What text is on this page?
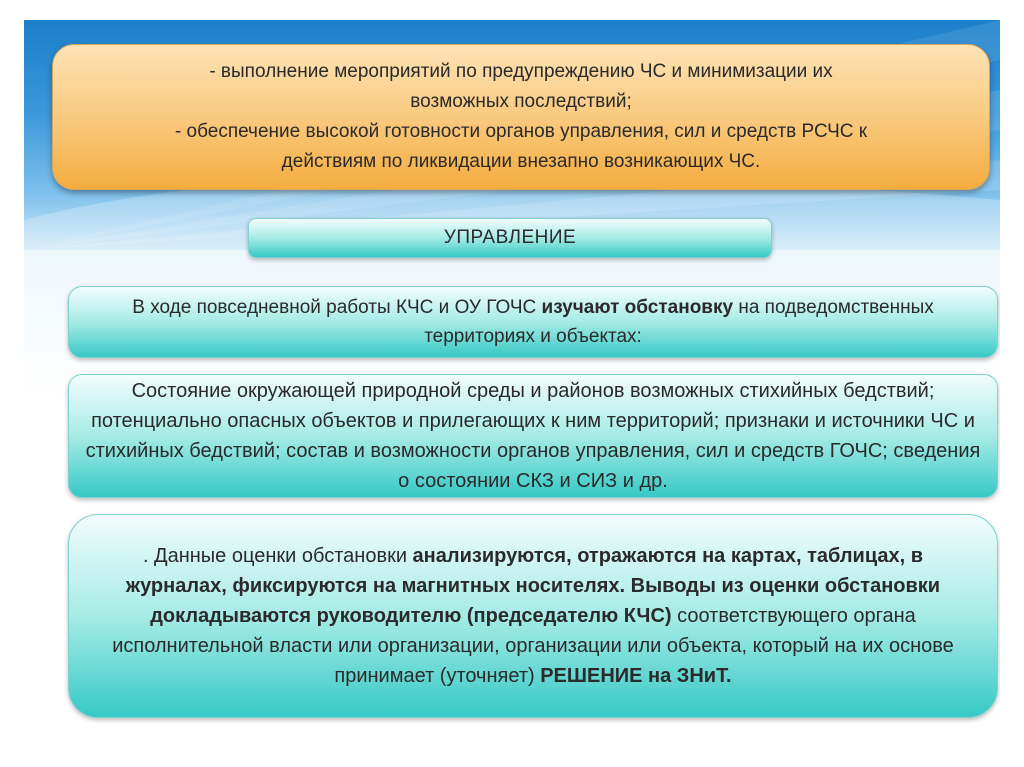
- выполнение мероприятий по предупреждению ЧС и минимизации их
возможных последствий;
- обеспечение высокой готовности органов управления, сил и средств РСЧС к
действиям по ликвидации внезапно возникающих ЧС.
УПРАВЛЕНИЕ
В ходе повседневной работы КЧС и ОУ ГОЧС изучают обстановку на подведомственных территориях и объектах:
Состояние окружающей природной среды и районов возможных стихийных бедствий; потенциально опасных объектов и прилегающих к ним территорий; признаки и источники ЧС и стихийных бедствий; состав и возможности органов управления, сил и средств ГОЧС; сведения о состоянии СКЗ и СИЗ и др.
. Данные оценки обстановки анализируются, отражаются на картах, таблицах, в журналах, фиксируются на магнитных носителях. Выводы из оценки обстановки докладываются руководителю (председателю КЧС) соответствующего органа исполнительной власти или организации, организации или объекта, который на их основе принимает (уточняет) РЕШЕНИЕ на ЗНиТ.
